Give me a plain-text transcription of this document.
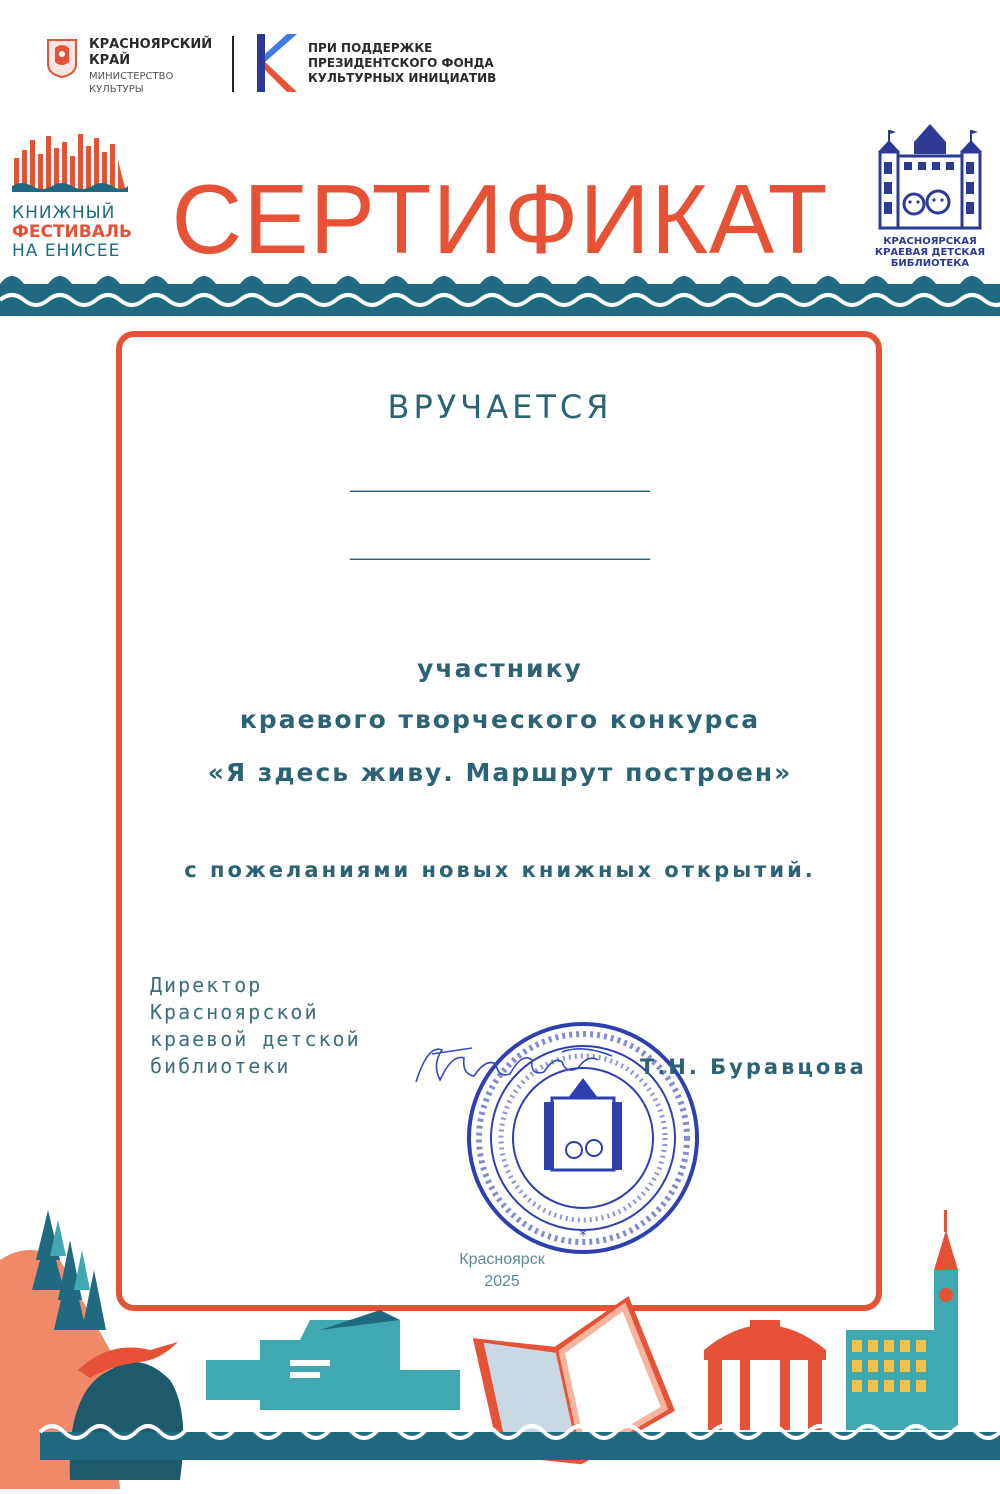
КРАСНОЯРСКИЙ
КРАЙ
МИНИСТЕРСТВО
КУЛЬТУРЫ
ПРИ ПОДДЕРЖКЕ
ПРЕЗИДЕНТСКОГО ФОНДА
КУЛЬТУРНЫХ ИНИЦИАТИВ
КНИЖНЫЙ
ФЕСТИВАЛЬ
НА ЕНИСЕЕ СЕРТИФИКАТ	КРАСНОЯРСКАЯ
КРАЕВАЯ ДЕТСКАЯ
БИБЛИОТЕКА
ВРУЧАЕТСЯ
______________________________
______________________________
участнику
краевого творческого конкурса
«Я здесь живу. Маршрут построен»
с пожеланиями новых книжных открытий.
Директор
Красноярской
краевой детской
библиотеки
*
Т.Н. Буравцова
Красноярск
2025
